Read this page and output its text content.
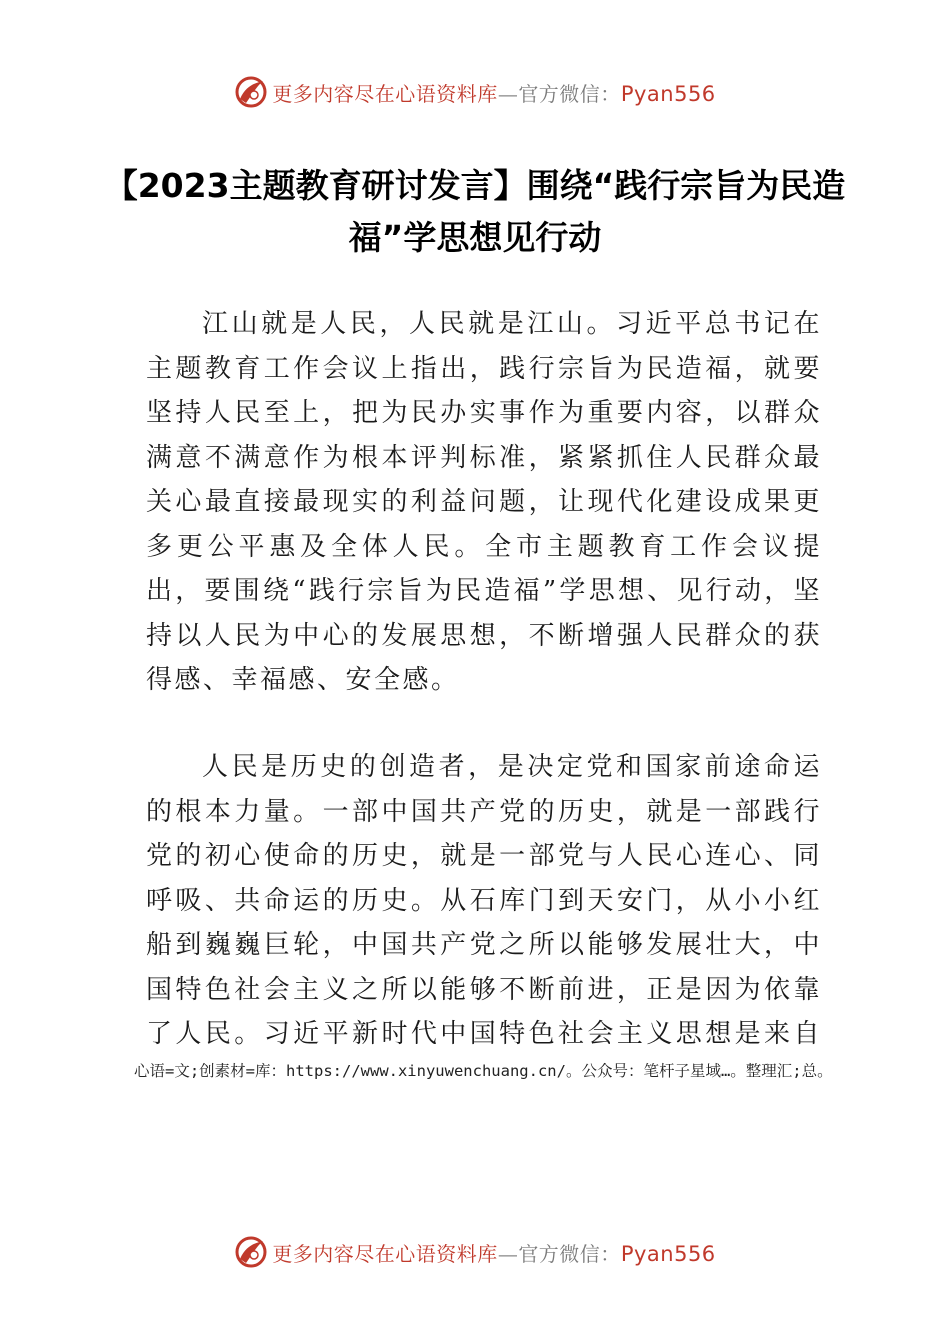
更多内容尽在心语资料库—官方微信：Pyan556
【2023主题教育研讨发言】围绕“践行宗旨为民造福”学思想见行动

江山就是人民，人民就是江山。习近平总书记在主题教育工作会议上指出，践行宗旨为民造福，就要坚持人民至上，把为民办实事作为重要内容，以群众满意不满意作为根本评判标准，紧紧抓住人民群众最关心最直接最现实的利益问题，让现代化建设成果更多更公平惠及全体人民。全市主题教育工作会议提出，要围绕“践行宗旨为民造福”学思想、见行动，坚持以人民为中心的发展思想，不断增强人民群众的获得感、幸福感、安全感。

人民是历史的创造者，是决定党和国家前途命运的根本力量。一部中国共产党的历史，就是一部践行党的初心使命的历史，就是一部党与人民心连心、同呼吸、共命运的历史。从石库门到天安门，从小小红船到巍巍巨轮，中国共产党之所以能够发展壮大，中国特色社会主义之所以能够不断前进，正是因为依靠了人民。习近平新时代中国特色社会主义思想是来自

心语=文;创素材=库：https://www.xinyuwenchuang.cn/。公众号：笔杆子星域…。整理汇;总。

更多内容尽在心语资料库—官方微信：Pyan556
